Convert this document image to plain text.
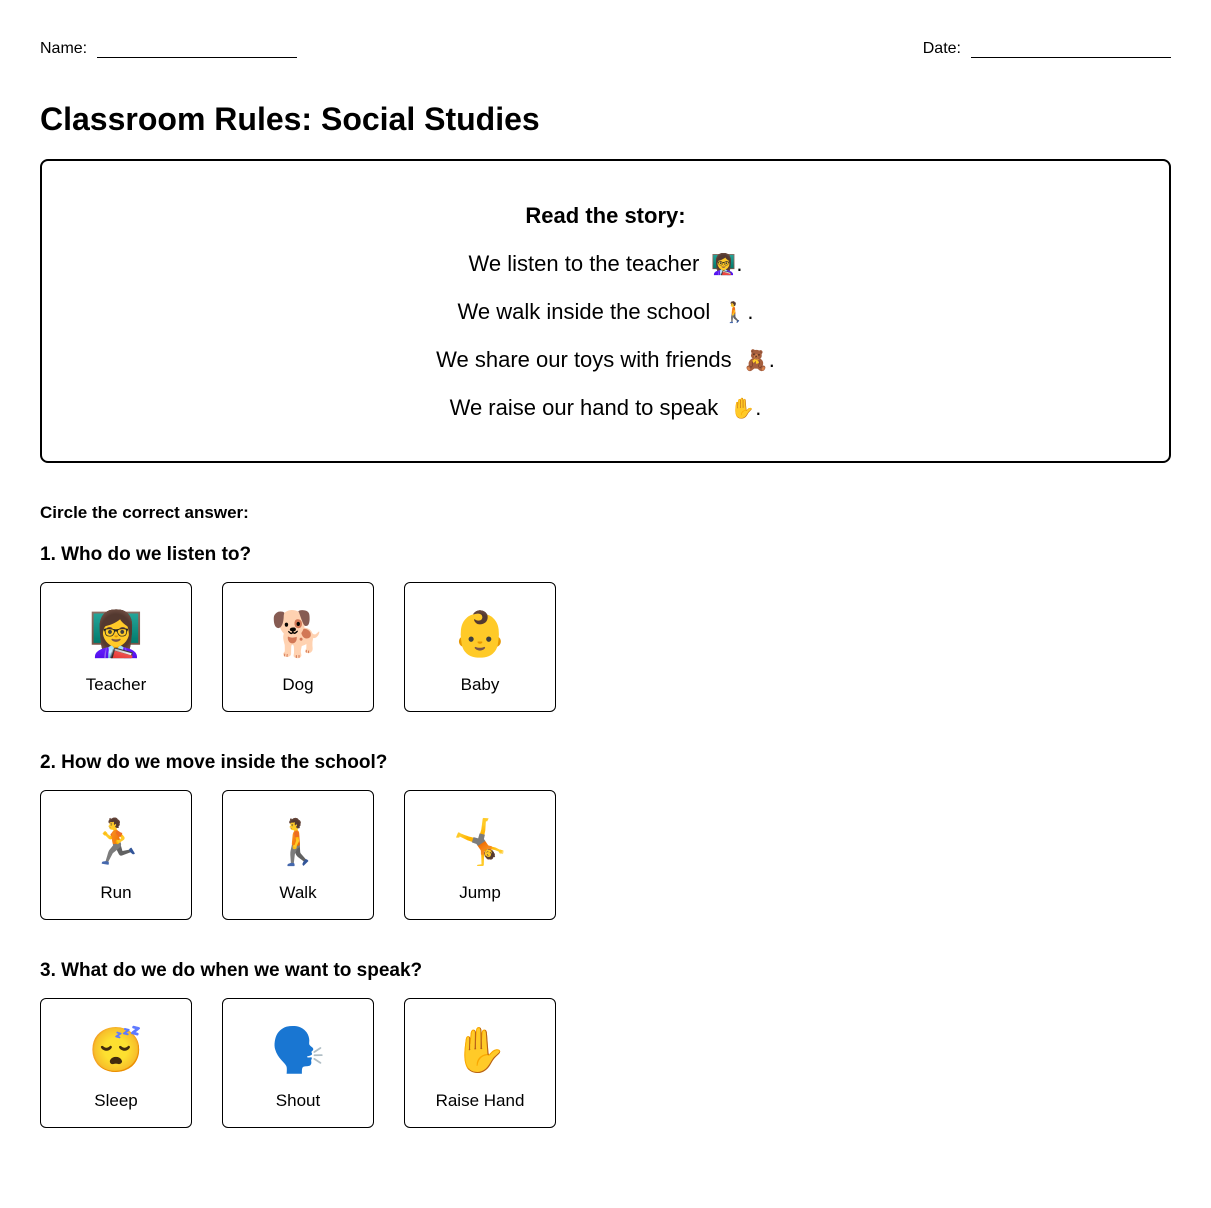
Name:	Date:
Classroom Rules: Social Studies
Read the story:
We listen to the teacher 👩‍🏫.
We walk inside the school 🚶.
We share our toys with friends 🧸.
We raise our hand to speak ✋.
Circle the correct answer:
1. Who do we listen to?
👩‍🏫
Teacher
🐕
Dog
👶
Baby
2. How do we move inside the school?
🏃
Run
🚶
Walk
🤸
Jump
3. What do we do when we want to speak?
😴
Sleep
🗣️
Shout
✋
Raise Hand
